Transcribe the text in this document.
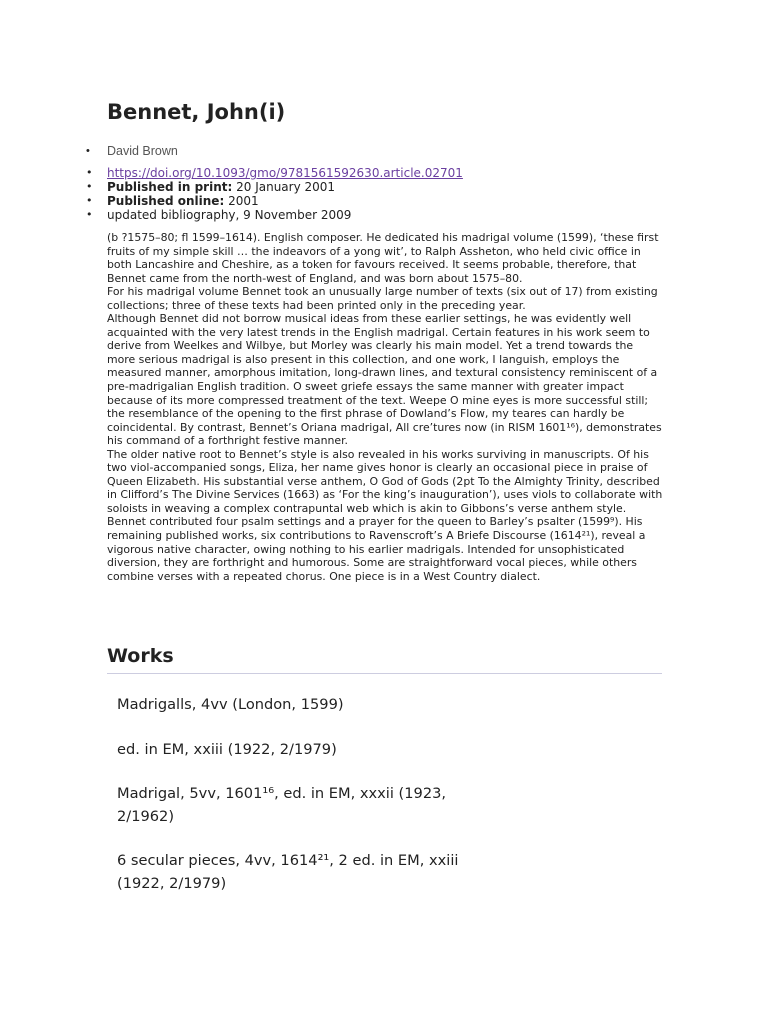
Bennet, John(i)
• David Brown
• https://doi.org/10.1093/gmo/9781561592630.article.02701
• Published in print: 20 January 2001
• Published online: 2001
• updated bibliography, 9 November 2009

(b ?1575–80; fl 1599–1614). English composer. He dedicated his madrigal volume (1599), ‘these first fruits of my simple skill … the indeavors of a yong wit’, to Ralph Assheton, who held civic office in both Lancashire and Cheshire, as a token for favours received. It seems probable, therefore, that Bennet came from the north-west of England, and was born about 1575–80.

For his madrigal volume Bennet took an unusually large number of texts (six out of 17) from existing collections; three of these texts had been printed only in the preceding year.

Although Bennet did not borrow musical ideas from these earlier settings, he was evidently well acquainted with the very latest trends in the English madrigal. Certain features in his work seem to derive from Weelkes and Wilbye, but Morley was clearly his main model. Yet a trend towards the more serious madrigal is also present in this collection, and one work, I languish, employs the measured manner, amorphous imitation, long-drawn lines, and textural consistency reminiscent of a pre-madrigalian English tradition. O sweet griefe essays the same manner with greater impact because of its more compressed treatment of the text. Weepe O mine eyes is more successful still; the resemblance of the opening to the first phrase of Dowland’s Flow, my teares can hardly be coincidental. By contrast, Bennet’s Oriana madrigal, All cre’tures now (in RISM 1601¹⁶), demonstrates his command of a forthright festive manner.

The older native root to Bennet’s style is also revealed in his works surviving in manuscripts. Of his two viol-accompanied songs, Eliza, her name gives honor is clearly an occasional piece in praise of Queen Elizabeth. His substantial verse anthem, O God of Gods (2pt To the Almighty Trinity, described in Clifford’s The Divine Services (1663) as ‘For the king’s inauguration’), uses viols to collaborate with soloists in weaving a complex contrapuntal web which is akin to Gibbons’s verse anthem style.

Bennet contributed four psalm settings and a prayer for the queen to Barley’s psalter (1599⁹). His remaining published works, six contributions to Ravenscroft’s A Briefe Discourse (1614²¹), reveal a vigorous native character, owing nothing to his earlier madrigals. Intended for unsophisticated diversion, they are forthright and humorous. Some are straightforward vocal pieces, while others combine verses with a repeated chorus. One piece is in a West Country dialect.

Works

Madrigalls, 4vv (London, 1599)

ed. in EM, xxiii (1922, 2/1979)

Madrigal, 5vv, 1601¹⁶, ed. in EM, xxxii (1923, 2/1962)

6 secular pieces, 4vv, 1614²¹, 2 ed. in EM, xxiii (1922, 2/1979)
